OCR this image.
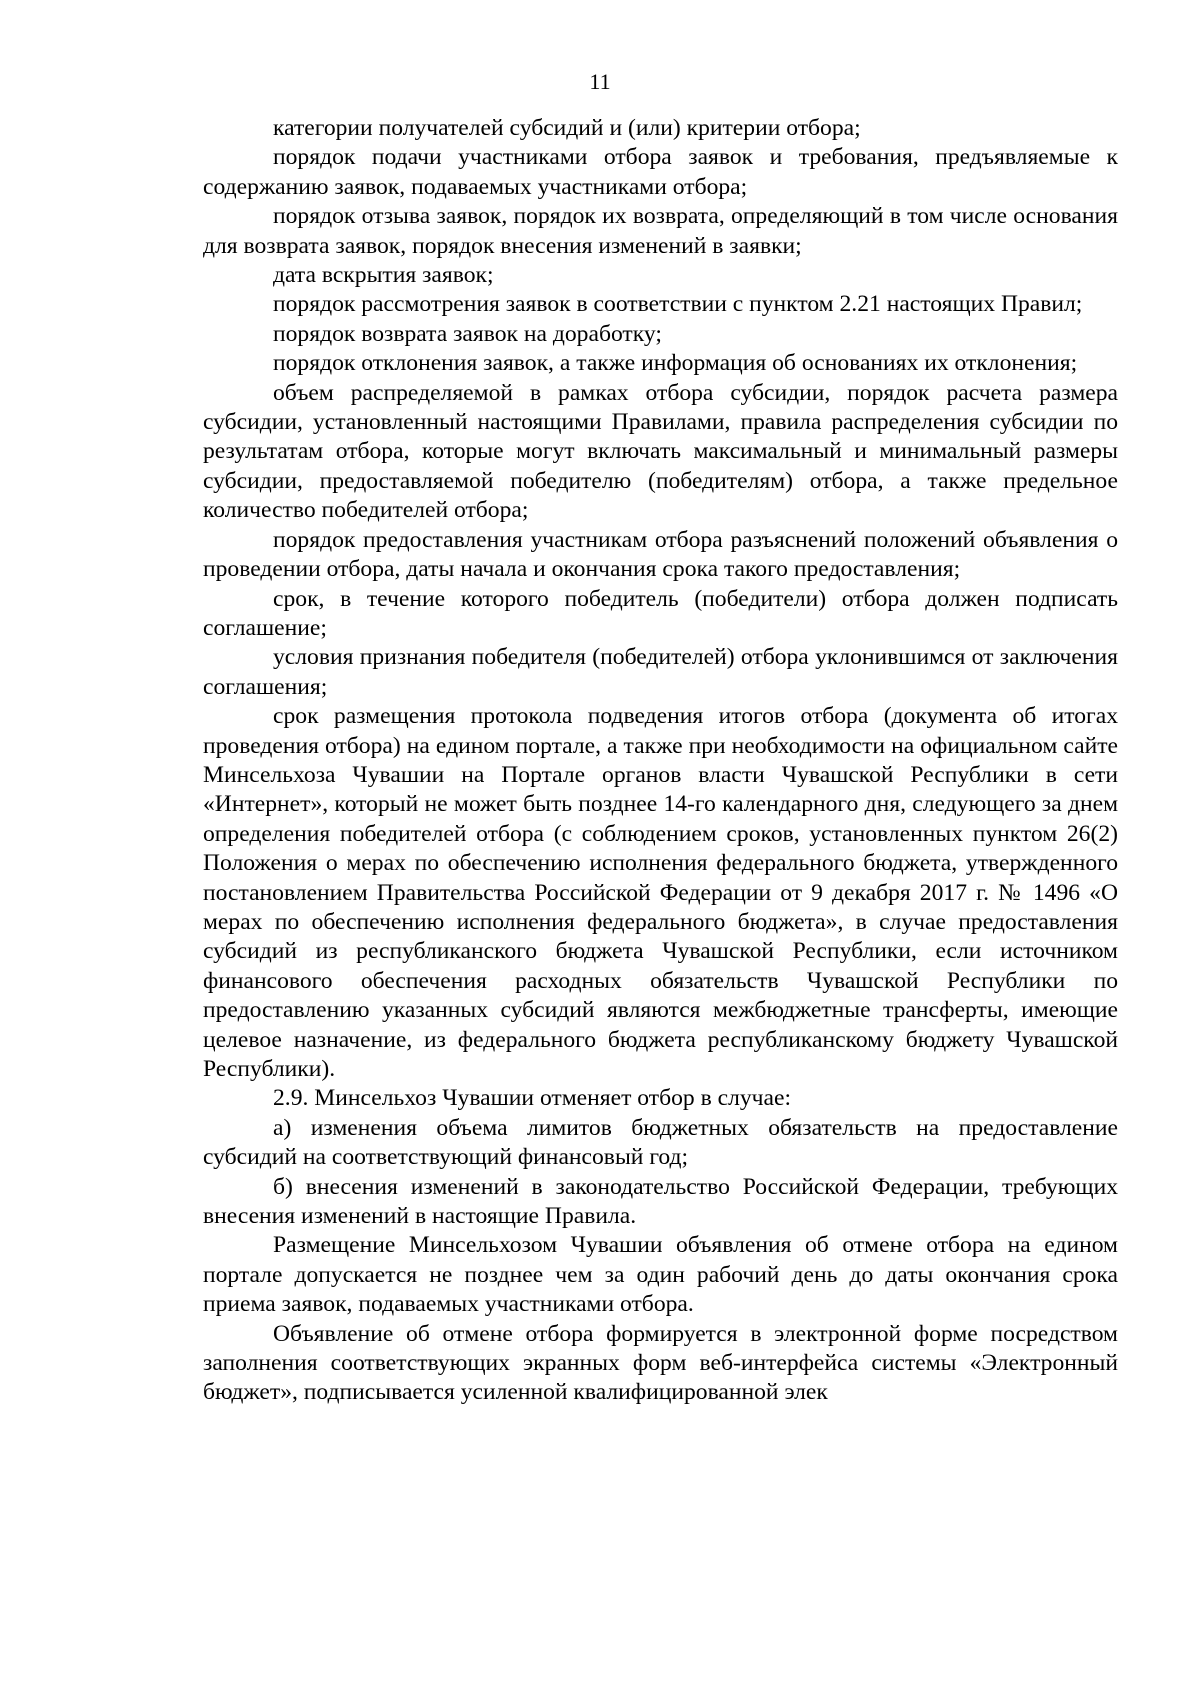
11

категории получателей субсидий и (или) критерии отбора;

порядок подачи участниками отбора заявок и требования, предъявляемые к содержанию заявок, подаваемых участниками отбора;

порядок отзыва заявок, порядок их возврата, определяющий в том числе основания для возврата заявок, порядок внесения изменений в заявки;

дата вскрытия заявок;

порядок рассмотрения заявок в соответствии с пунктом 2.21 настоящих Правил;

порядок возврата заявок на доработку;

порядок отклонения заявок, а также информация об основаниях их отклонения;

объем распределяемой в рамках отбора субсидии, порядок расчета размера субсидии, установленный настоящими Правилами, правила распределения субсидии по результатам отбора, которые могут включать максимальный и минимальный размеры субсидии, предоставляемой победителю (победителям) отбора, а также предельное количество победителей отбора;

порядок предоставления участникам отбора разъяснений положений объявления о проведении отбора, даты начала и окончания срока такого предоставления;

срок, в течение которого победитель (победители) отбора должен подписать соглашение;

условия признания победителя (победителей) отбора уклонившимся от заключения соглашения;

срок размещения протокола подведения итогов отбора (документа об итогах проведения отбора) на едином портале, а также при необходимости на официальном сайте Минсельхоза Чувашии на Портале органов власти Чувашской Республики в сети «Интернет», который не может быть позднее 14-го календарного дня, следующего за днем определения победителей отбора (с соблюдением сроков, установленных пунктом 26(2) Положения о мерах по обеспечению исполнения федерального бюджета, утвержденного постановлением Правительства Российской Федерации от 9 декабря 2017 г. № 1496 «О мерах по обеспечению исполнения федерального бюджета», в случае предоставления субсидий из республиканского бюджета Чувашской Республики, если источником финансового обеспечения расходных обязательств Чувашской Республики по предоставлению указанных субсидий являются межбюджетные трансферты, имеющие целевое назначение, из федерального бюджета республиканскому бюджету Чувашской Республики).

2.9. Минсельхоз Чувашии отменяет отбор в случае:

а) изменения объема лимитов бюджетных обязательств на предоставление субсидий на соответствующий финансовый год;

б) внесения изменений в законодательство Российской Федерации, требующих внесения изменений в настоящие Правила.

Размещение Минсельхозом Чувашии объявления об отмене отбора на едином портале допускается не позднее чем за один рабочий день до даты окончания срока приема заявок, подаваемых участниками отбора.

Объявление об отмене отбора формируется в электронной форме посредством заполнения соответствующих экранных форм веб-интерфейса системы «Электронный бюджет», подписывается усиленной квалифицированной элек
